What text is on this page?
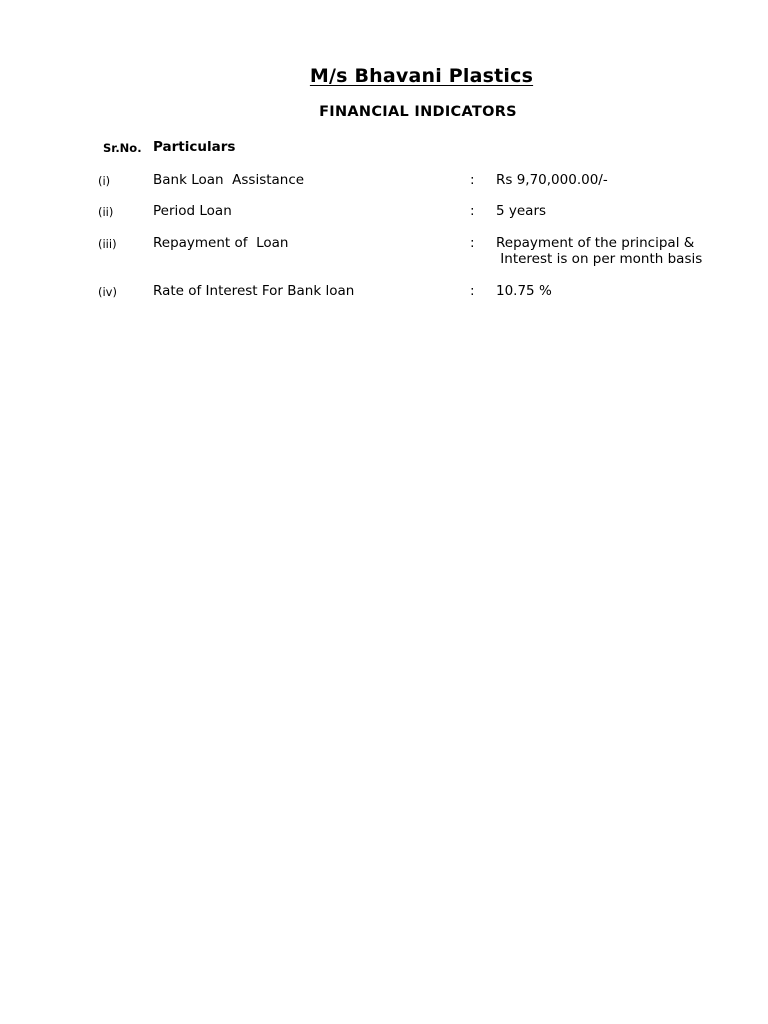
M/s Bhavani Plastics
FINANCIAL INDICATORS
Sr.No. Particulars
(i)	Bank Loan  Assistance	: Rs 9,70,000.00/-
(ii)	Period Loan	: 5 years
(iii)	Repayment of  Loan	: Repayment of the principal &
Interest is on per month basis
(iv)	Rate of Interest For Bank loan	: 10.75 %
